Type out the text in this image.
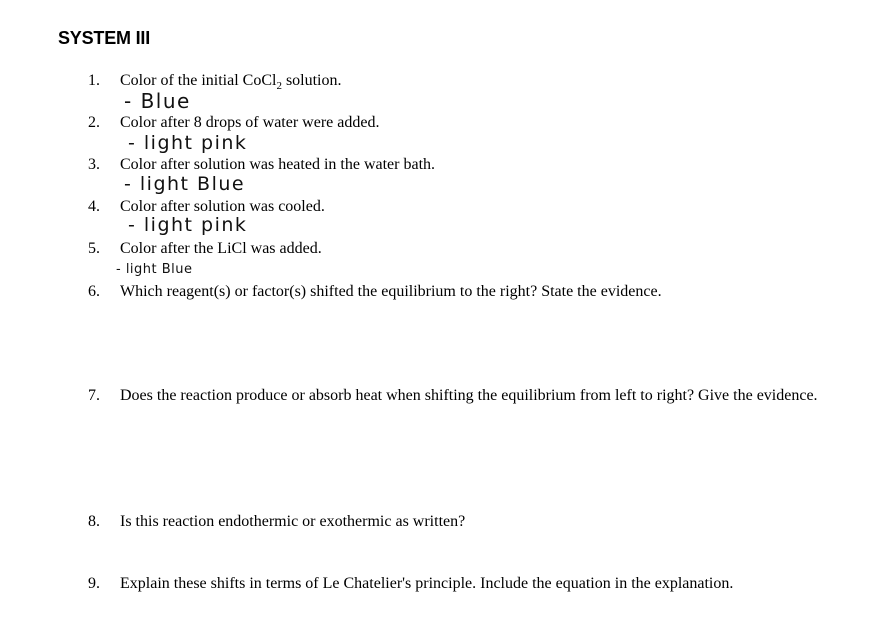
SYSTEM III
1. Color of the initial CoCl$_2$ solution.
- Blue
2. Color after 8 drops of water were added.
- light pink
3. Color after solution was heated in the water bath.
- light Blue
4. Color after solution was cooled.
- light pink
5. Color after the LiCl was added.
- light Blue
6. Which reagent(s) or factor(s) shifted the equilibrium to the right? State the evidence.
7. Does the reaction produce or absorb heat when shifting the equilibrium from left to right? Give the evidence.
8. Is this reaction endothermic or exothermic as written?
9. Explain these shifts in terms of Le Chatelier's principle. Include the equation in the explanation.
